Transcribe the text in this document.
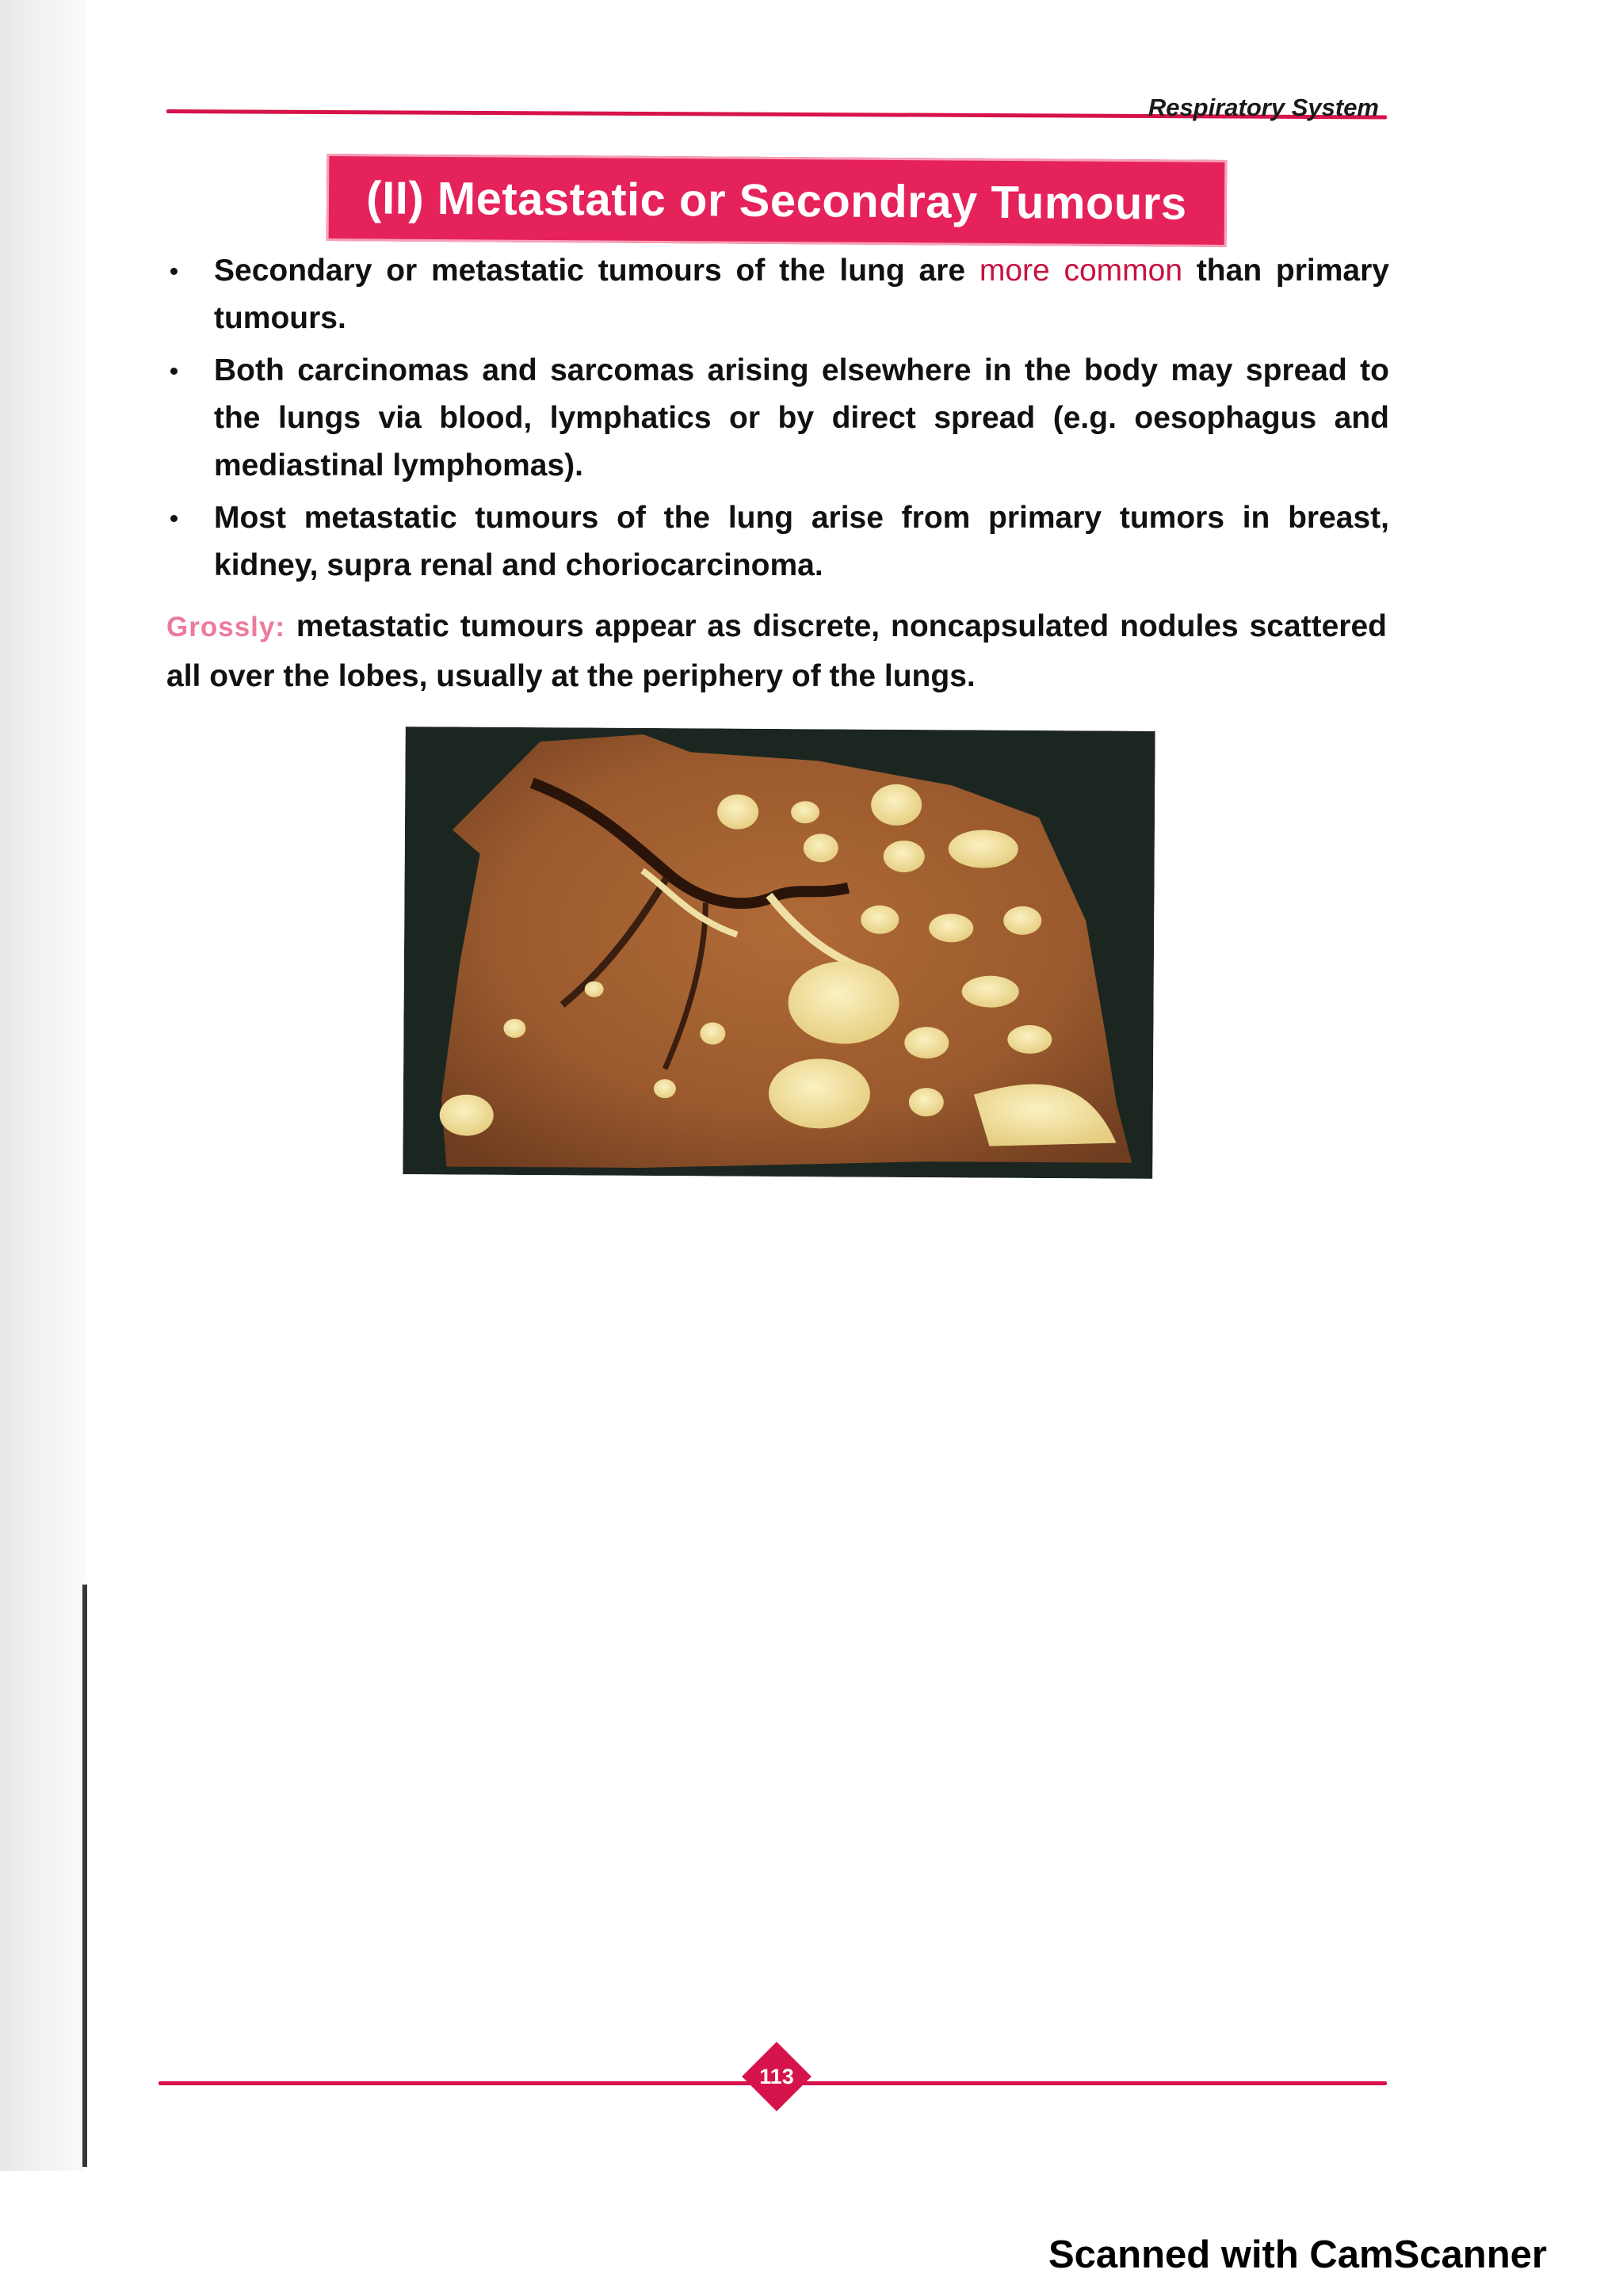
Respiratory System
(II) Metastatic or Secondray Tumours
Secondary or metastatic tumours of the lung are more common than primary tumours.
Both carcinomas and sarcomas arising elsewhere in the body may spread to the lungs via blood, lymphatics or by direct spread (e.g. oesophagus and mediastinal lymphomas).
Most metastatic tumours of the lung arise from primary tumors in breast, kidney, supra renal and choriocarcinoma.
Grossly: metastatic tumours appear as discrete, noncapsulated nodules scattered all over the lobes, usually at the periphery of the lungs.
113
Scanned with CamScanner
